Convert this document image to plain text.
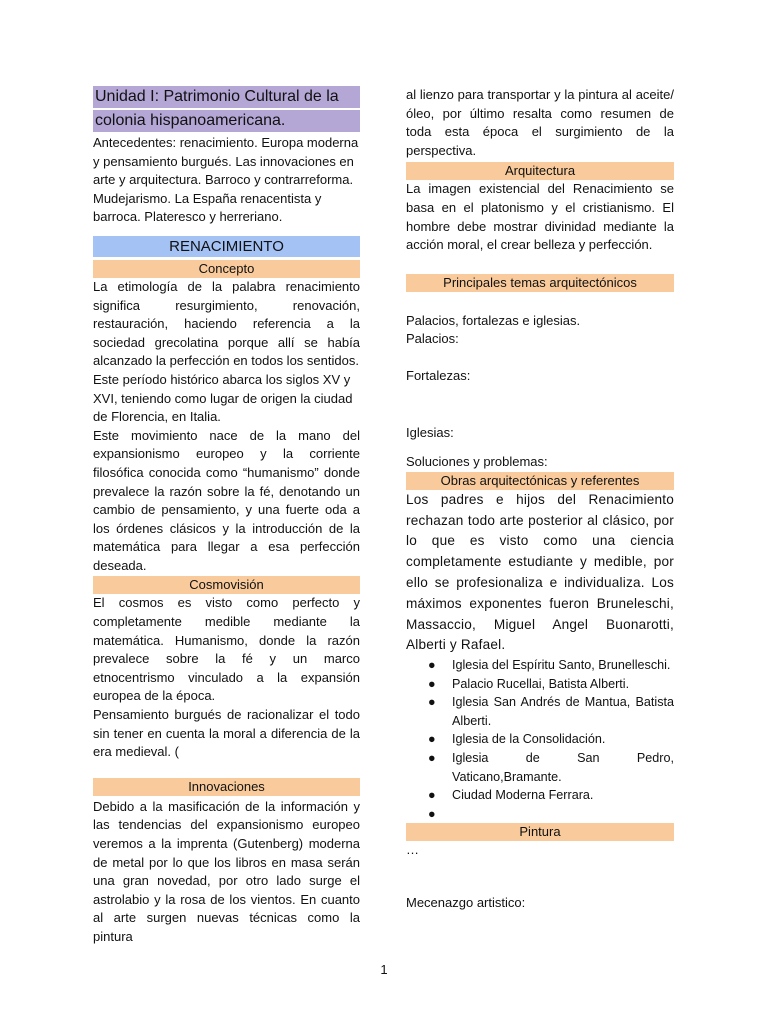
Unidad I: Patrimonio Cultural de la
colonia hispanoamericana.

Antecedentes: renacimiento. Europa moderna y pensamiento burgués. Las innovaciones en arte y arquitectura. Barroco y contrarreforma. Mudejarismo. La España renacentista y barroca. Plateresco y herreriano.

RENACIMIENTO

Concepto

La etimología de la palabra renacimiento significa resurgimiento, renovación, restauración, haciendo referencia a la sociedad grecolatina porque allí se había alcanzado la perfección en todos los sentidos.

Este período histórico abarca los siglos XV y XVI, teniendo como lugar de origen la ciudad de Florencia, en Italia.

Este movimiento nace de la mano del expansionismo europeo y la corriente filosófica conocida como “humanismo” donde prevalece la razón sobre la fé, denotando un cambio de pensamiento, y una fuerte oda a los órdenes clásicos y la introducción de la matemática para llegar a esa perfección deseada.

Cosmovisión

El cosmos es visto como perfecto y completamente medible mediante la matemática. Humanismo, donde la razón prevalece sobre la fé y un marco etnocentrismo vinculado a la expansión europea de la época.

Pensamiento burgués de racionalizar el todo sin tener en cuenta la moral a diferencia de la era medieval. (

Innovaciones

Debido a la masificación de la información y las tendencias del expansionismo europeo veremos a la imprenta (Gutenberg) moderna de metal por lo que los libros en masa serán una gran novedad, por otro lado surge el astrolabio y la rosa de los vientos. En cuanto al arte surgen nuevas técnicas como la pintura

al lienzo para transportar y la pintura al aceite/óleo, por último resalta como resumen de toda esta época el surgimiento de la perspectiva.

Arquitectura

La imagen existencial del Renacimiento se basa en el platonismo y el cristianismo. El hombre debe mostrar divinidad mediante la acción moral, el crear belleza y perfección.

Principales temas arquitectónicos

Palacios, fortalezas e iglesias.

Palacios:

Fortalezas:

Iglesias:

Soluciones y problemas:

Obras arquitectónicas y referentes

Los padres e hijos del Renacimiento rechazan todo arte posterior al clásico, por lo que es visto como una ciencia completamente estudiante y medible, por ello se profesionaliza e individualiza. Los máximos exponentes fueron Bruneleschi, Massaccio, Miguel Angel Buonarotti, Alberti y Rafael.

● Iglesia del Espíritu Santo, Brunelleschi.
● Palacio Rucellai, Batista Alberti.
● Iglesia San Andrés de Mantua, Batista Alberti.
● Iglesia de la Consolidación.
● Iglesia de San Pedro, Vaticano,Bramante.
● Ciudad Moderna Ferrara.
●

Pintura

…

Mecenazgo artistico:

1
